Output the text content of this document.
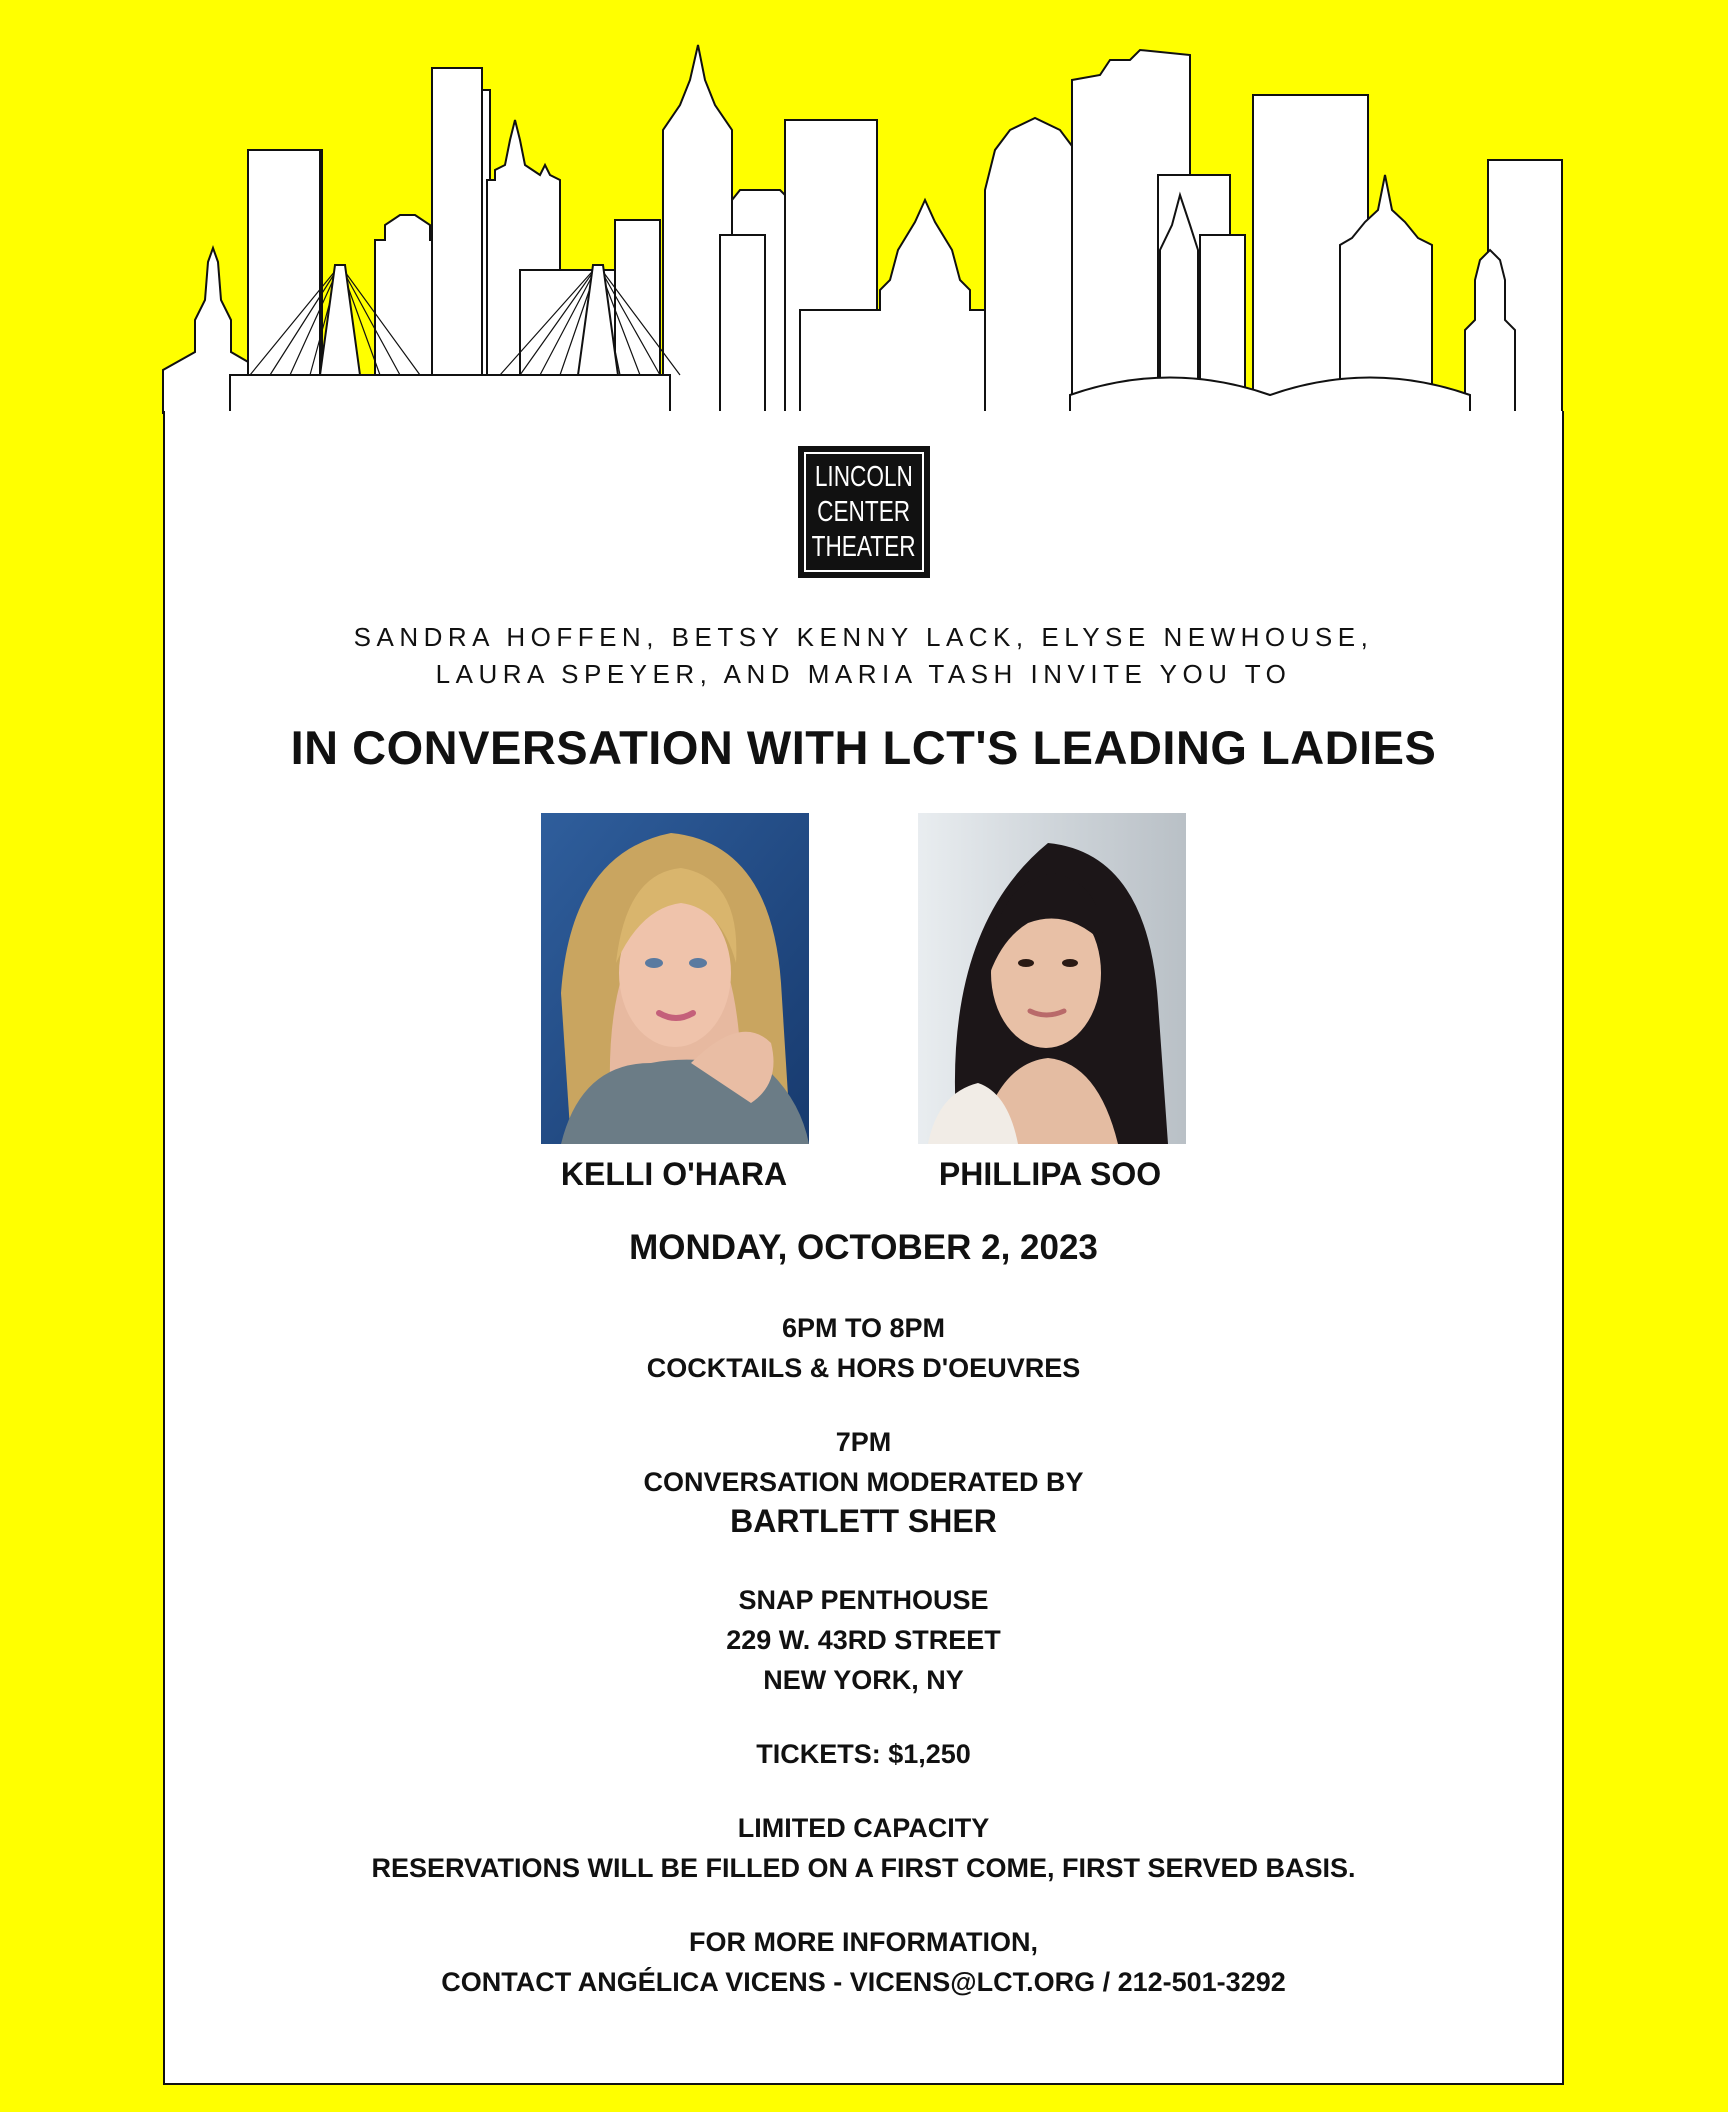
LINCOLN
CENTER
THEATER

SANDRA HOFFEN, BETSY KENNY LACK, ELYSE NEWHOUSE,

LAURA SPEYER, AND MARIA TASH INVITE YOU TO

IN CONVERSATION WITH LCT'S LEADING LADIES

KELLI O'HARA	PHILLIPA SOO

MONDAY, OCTOBER 2, 2023

6PM TO 8PM

COCKTAILS & HORS D'OEUVRES

7PM

CONVERSATION MODERATED BY

BARTLETT SHER

SNAP PENTHOUSE

229 W. 43RD STREET

NEW YORK, NY

TICKETS: $1,250

LIMITED CAPACITY

RESERVATIONS WILL BE FILLED ON A FIRST COME, FIRST SERVED BASIS.

FOR MORE INFORMATION,

CONTACT ANGÉLICA VICENS - VICENS@LCT.ORG / 212-501-3292
